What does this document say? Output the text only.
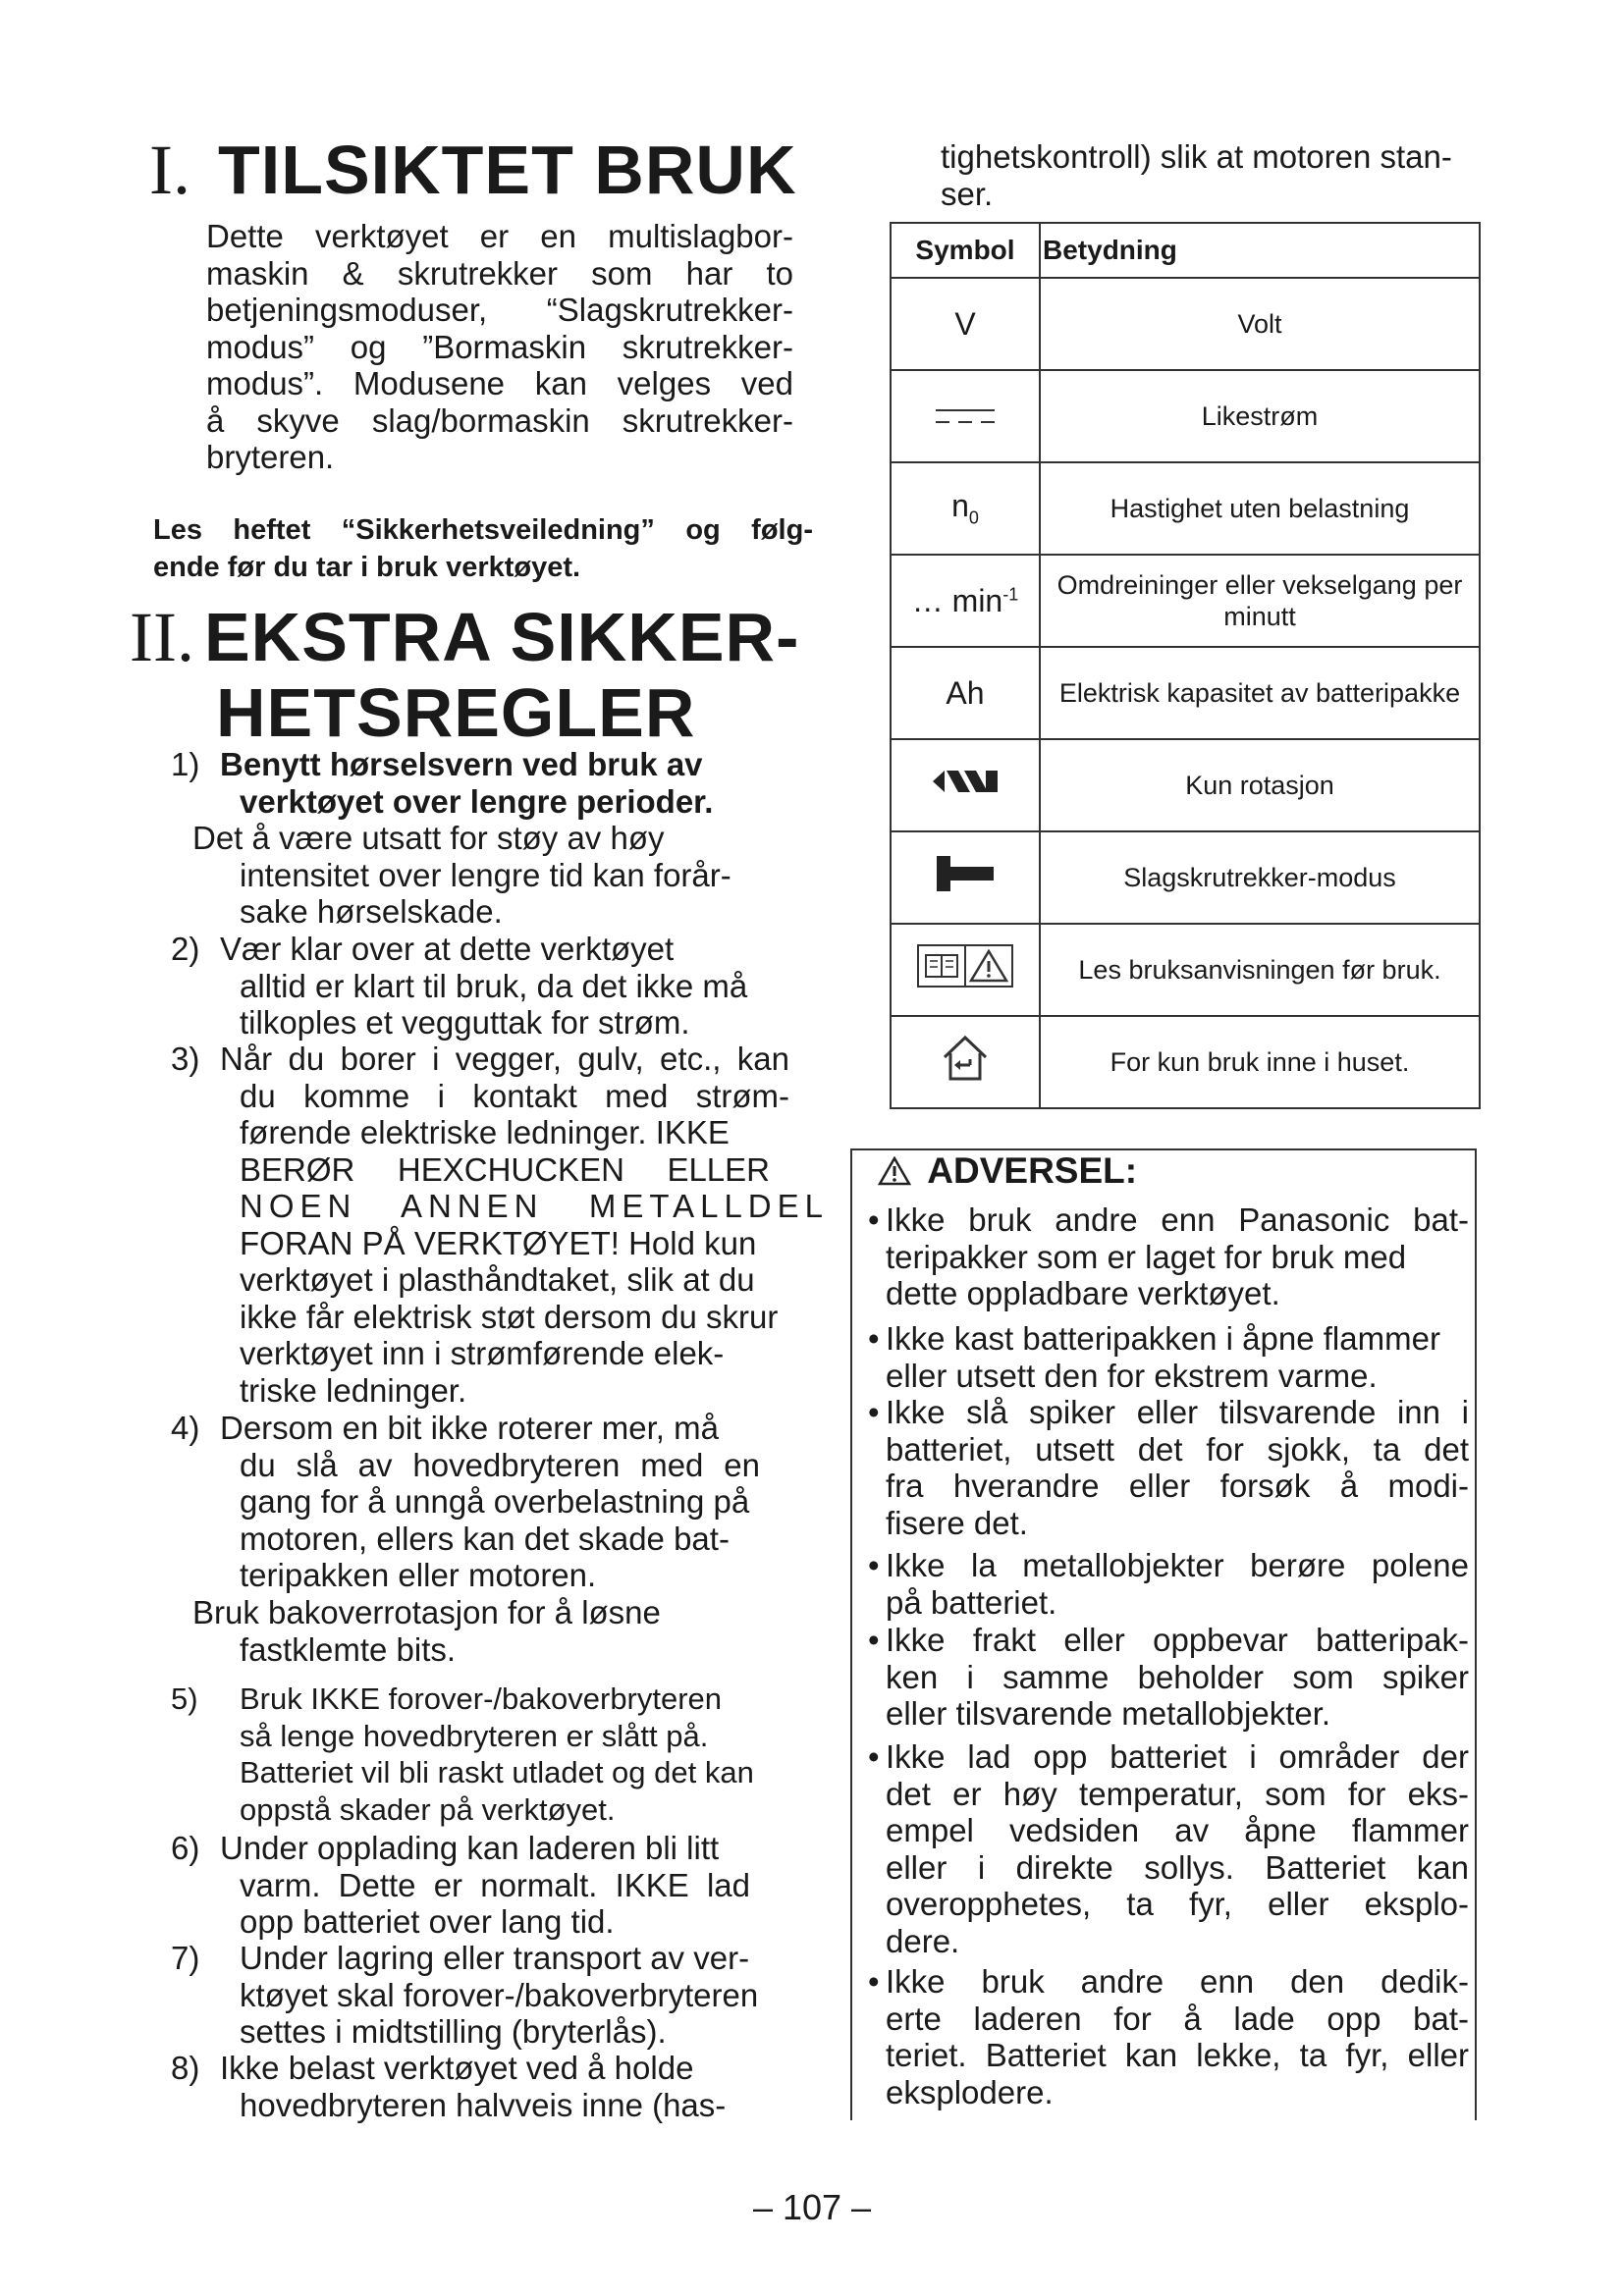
I. TILSIKTET BRUK
Dette verktøyet er en multislagbor-
maskin & skrutrekker som har to
betjeningsmoduser, “Slagskrutrekker-
modus” og ”Bormaskin skrutrekker-
modus”. Modusene kan velges ved
å skyve slag/bormaskin skrutrekker-
bryteren.
Les heftet “Sikkerhetsveiledning” og følg-
ende før du tar i bruk verktøyet.
II. EKSTRA SIKKER-
HETSREGLER
1) Benytt hørselsvern ved bruk av
verktøyet over lengre perioder.
Det å være utsatt for støy av høy
intensitet over lengre tid kan forår-
sake hørselskade.
2) Vær klar over at dette verktøyet
alltid er klart til bruk, da det ikke må
tilkoples et vegguttak for strøm.
3) Når du borer i vegger, gulv, etc., kan
du komme i kontakt med strøm-
førende elektriske ledninger. IKKE
BERØR HEXCHUCKEN ELLER
NOEN ANNEN METALLDEL
FORAN PÅ VERKTØYET! Hold kun
verktøyet i plasthåndtaket, slik at du
ikke får elektrisk støt dersom du skrur
verktøyet inn i strømførende elek-
triske ledninger.
4) Dersom en bit ikke roterer mer, må
du slå av hovedbryteren med en
gang for å unngå overbelastning på
motoren, ellers kan det skade bat-
teripakken eller motoren.
Bruk bakoverrotasjon for å løsne
fastklemte bits.
5) Bruk IKKE forover-/bakoverbryteren
så lenge hovedbryteren er slått på.
Batteriet vil bli raskt utladet og det kan
oppstå skader på verktøyet.
6) Under opplading kan laderen bli litt
varm. Dette er normalt. IKKE lad
opp batteriet over lang tid.
7) Under lagring eller transport av ver-
ktøyet skal forover-/bakoverbryteren
settes i midtstilling (bryterlås).
8) Ikke belast verktøyet ved å holde
hovedbryteren halvveis inne (has-
tighetskontroll) slik at motoren stan-
ser.
Symbol	Betydning
V	Volt
	Likestrøm
$n_0$	Hastighet uten belastning
… $\min^{-1}$	Omdreininger eller vekselgang per minutt
Ah	Elektrisk kapasitet av batteripakke
	Kun rotasjon
	Slagskrutrekker-modus
	Les bruksanvisningen før bruk.
	For kun bruk inne i huset.
ADVERSEL:
• Ikke bruk andre enn Panasonic bat-
teripakker som er laget for bruk med
dette oppladbare verktøyet.
• Ikke kast batteripakken i åpne flammer
eller utsett den for ekstrem varme.
• Ikke slå spiker eller tilsvarende inn i
batteriet, utsett det for sjokk, ta det
fra hverandre eller forsøk å modi-
fisere det.
• Ikke la metallobjekter berøre polene
på batteriet.
• Ikke frakt eller oppbevar batteripak-
ken i samme beholder som spiker
eller tilsvarende metallobjekter.
• Ikke lad opp batteriet i områder der
det er høy temperatur, som for eks-
empel vedsiden av åpne flammer
eller i direkte sollys. Batteriet kan
overopphetes, ta fyr, eller eksplo-
dere.
• Ikke bruk andre enn den dedik-
erte laderen for å lade opp bat-
teriet. Batteriet kan lekke, ta fyr, eller
eksplodere.
– 107 –
